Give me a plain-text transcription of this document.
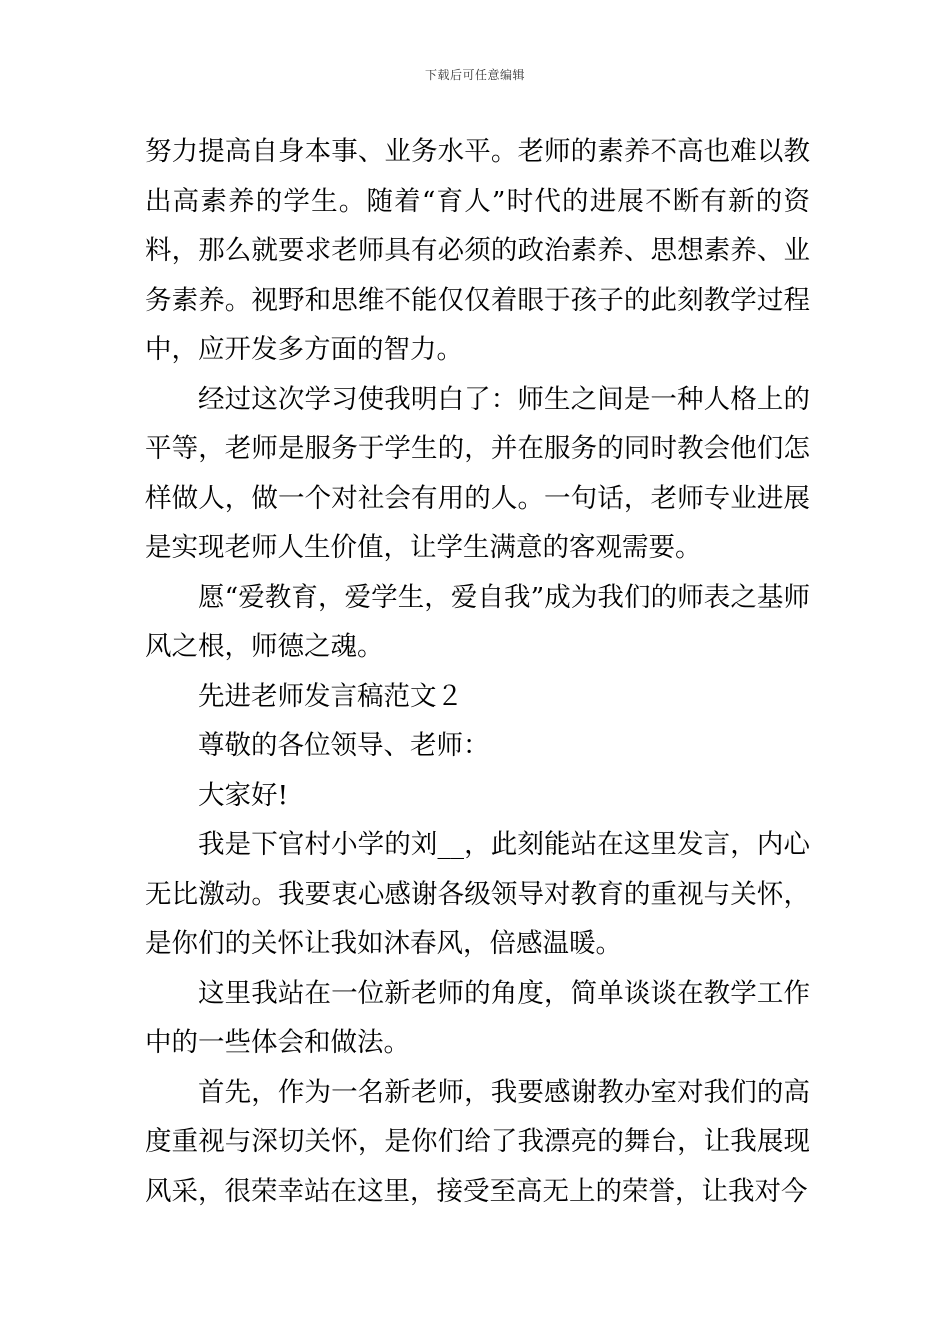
下载后可任意编辑

努力提高自身本事、业务水平。老师的素养不高也难以教出高素养的学生。随着“育人”时代的进展不断有新的资料，那么就要求老师具有必须的政治素养、思想素养、业务素养。视野和思维不能仅仅着眼于孩子的此刻教学过程中，应开发多方面的智力。

经过这次学习使我明白了：师生之间是一种人格上的平等，老师是服务于学生的，并在服务的同时教会他们怎样做人，做一个对社会有用的人。一句话，老师专业进展是实现老师人生价值，让学生满意的客观需要。

愿“爱教育，爱学生，爱自我”成为我们的师表之基师风之根，师德之魂。

先进老师发言稿范文２

尊敬的各位领导、老师：

大家好!

我是下官村小学的刘__，此刻能站在这里发言，内心无比激动。我要衷心感谢各级领导对教育的重视与关怀，是你们的关怀让我如沐春风，倍感温暖。

这里我站在一位新老师的角度，简单谈谈在教学工作中的一些体会和做法。

首先，作为一名新老师，我要感谢教办室对我们的高度重视与深切关怀，是你们给了我漂亮的舞台，让我展现风采，很荣幸站在这里，接受至高无上的荣誉，让我对今
